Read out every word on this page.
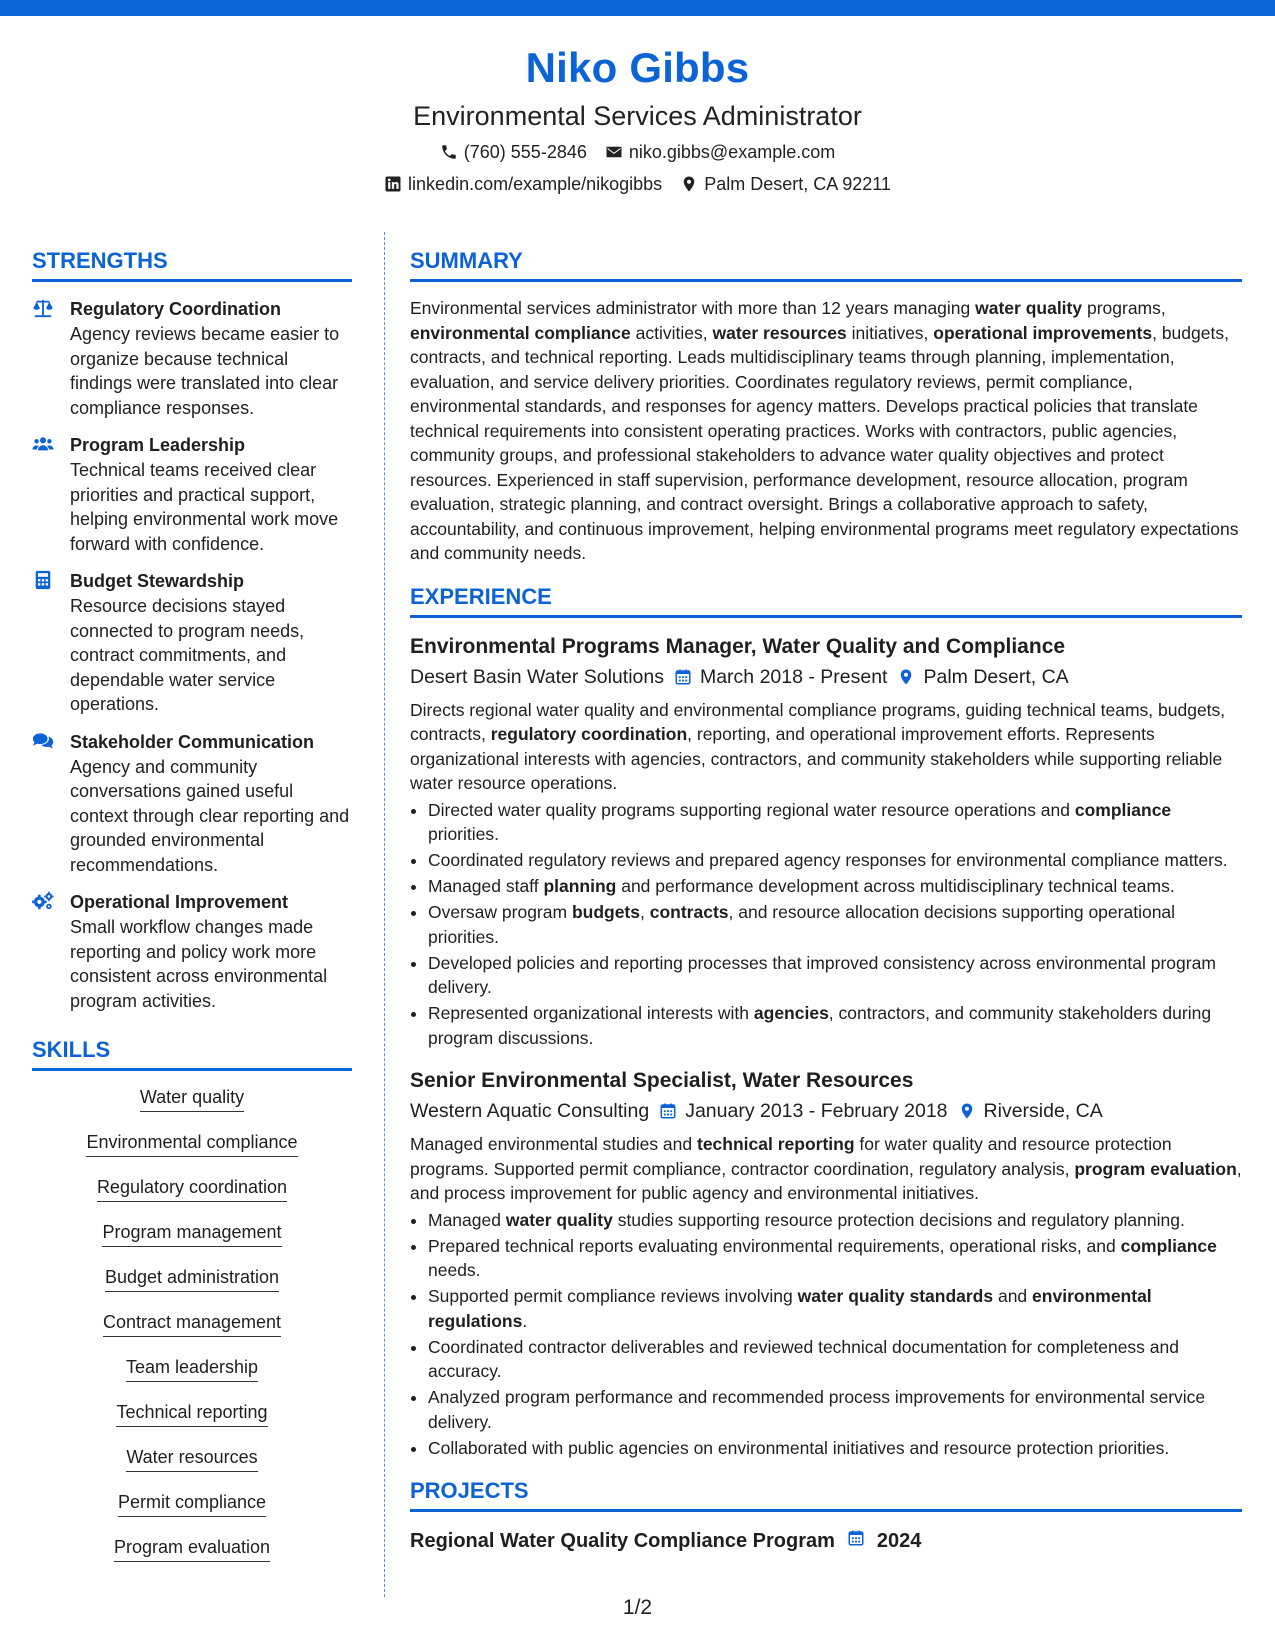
Niko Gibbs
Environmental Services Administrator
(760) 555-2846 niko.gibbs@example.com
linkedin.com/example/nikogibbs Palm Desert, CA 92211
STRENGTHS
Regulatory Coordination
Agency reviews became easier to organize because technical findings were translated into clear compliance responses.
Program Leadership
Technical teams received clear priorities and practical support, helping environmental work move forward with confidence.
Budget Stewardship
Resource decisions stayed connected to program needs, contract commitments, and dependable water service operations.
Stakeholder Communication
Agency and community conversations gained useful context through clear reporting and grounded environmental recommendations.
Operational Improvement
Small workflow changes made reporting and policy work more consistent across environmental program activities.
SKILLS
Water quality
Environmental compliance
Regulatory coordination
Program management
Budget administration
Contract management
Team leadership
Technical reporting
Water resources
Permit compliance
Program evaluation
SUMMARY
Environmental services administrator with more than 12 years managing water quality programs, environmental compliance activities, water resources initiatives, operational improvements, budgets, contracts, and technical reporting. Leads multidisciplinary teams through planning, implementation, evaluation, and service delivery priorities. Coordinates regulatory reviews, permit compliance, environmental standards, and responses for agency matters. Develops practical policies that translate technical requirements into consistent operating practices. Works with contractors, public agencies, community groups, and professional stakeholders to advance water quality objectives and protect resources. Experienced in staff supervision, performance development, resource allocation, program evaluation, strategic planning, and contract oversight. Brings a collaborative approach to safety, accountability, and continuous improvement, helping environmental programs meet regulatory expectations and community needs.
EXPERIENCE
Environmental Programs Manager, Water Quality and Compliance
Desert Basin Water Solutions March 2018 - Present Palm Desert, CA
Directs regional water quality and environmental compliance programs, guiding technical teams, budgets, contracts, regulatory coordination, reporting, and operational improvement efforts. Represents organizational interests with agencies, contractors, and community stakeholders while supporting reliable water resource operations.
• Directed water quality programs supporting regional water resource operations and compliance priorities.
• Coordinated regulatory reviews and prepared agency responses for environmental compliance matters.
• Managed staff planning and performance development across multidisciplinary technical teams.
• Oversaw program budgets, contracts, and resource allocation decisions supporting operational priorities.
• Developed policies and reporting processes that improved consistency across environmental program delivery.
• Represented organizational interests with agencies, contractors, and community stakeholders during program discussions.
Senior Environmental Specialist, Water Resources
Western Aquatic Consulting January 2013 - February 2018 Riverside, CA
Managed environmental studies and technical reporting for water quality and resource protection programs. Supported permit compliance, contractor coordination, regulatory analysis, program evaluation, and process improvement for public agency and environmental initiatives.
• Managed water quality studies supporting resource protection decisions and regulatory planning.
• Prepared technical reports evaluating environmental requirements, operational risks, and compliance needs.
• Supported permit compliance reviews involving water quality standards and environmental regulations.
• Coordinated contractor deliverables and reviewed technical documentation for completeness and accuracy.
• Analyzed program performance and recommended process improvements for environmental service delivery.
• Collaborated with public agencies on environmental initiatives and resource protection priorities.
PROJECTS
Regional Water Quality Compliance Program 2024
1/2
